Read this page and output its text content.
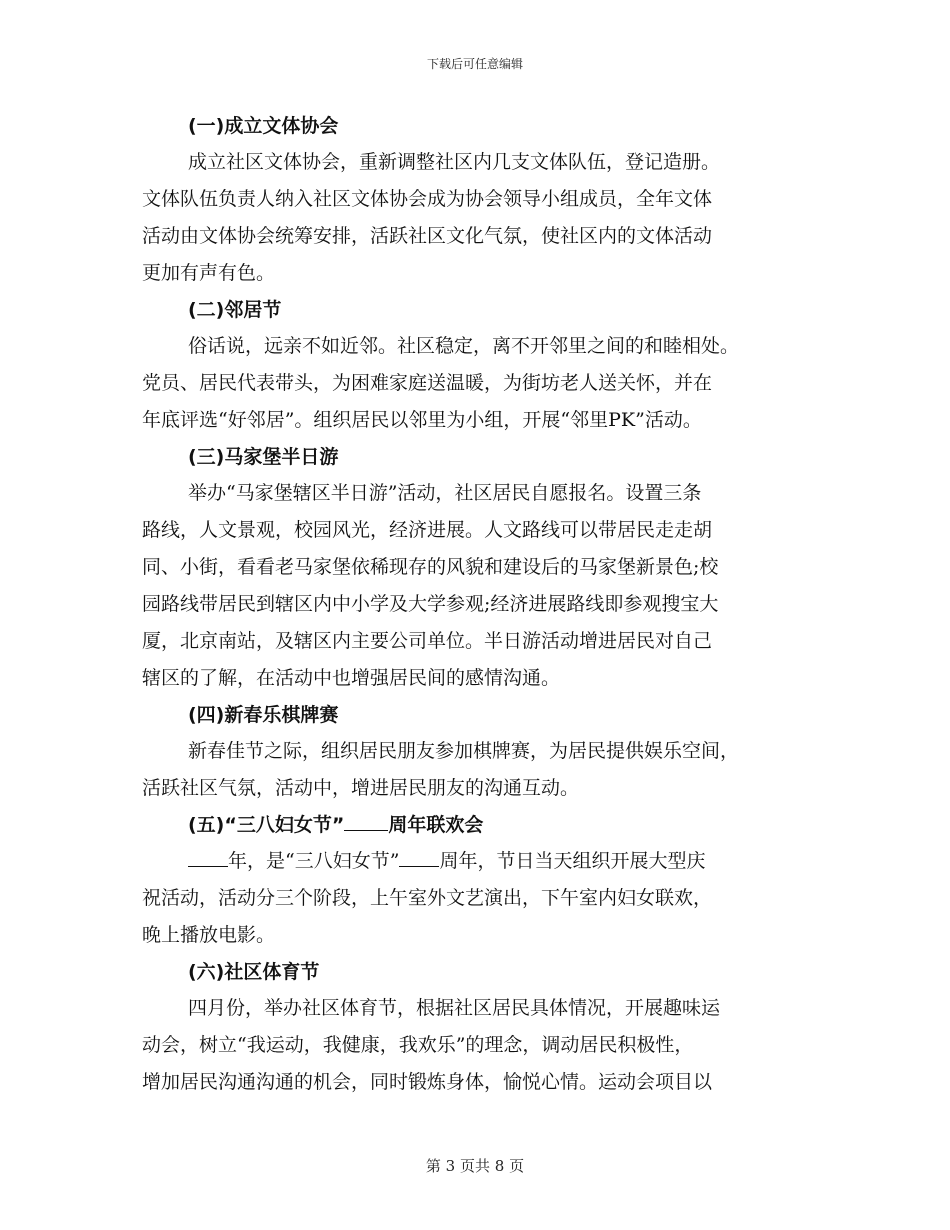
下载后可任意编辑
(一)成立文体协会
成立社区文体协会，重新调整社区内几支文体队伍，登记造册。
文体队伍负责人纳入社区文体协会成为协会领导小组成员，全年文体
活动由文体协会统筹安排，活跃社区文化气氛，使社区内的文体活动
更加有声有色。
(二)邻居节
俗话说，远亲不如近邻。社区稳定，离不开邻里之间的和睦相处。
党员、居民代表带头，为困难家庭送温暖，为街坊老人送关怀，并在
年底评选“好邻居”。组织居民以邻里为小组，开展“邻里PK”活动。
(三)马家堡半日游
举办“马家堡辖区半日游”活动，社区居民自愿报名。设置三条
路线，人文景观，校园风光，经济进展。人文路线可以带居民走走胡
同、小街，看看老马家堡依稀现存的风貌和建设后的马家堡新景色;校
园路线带居民到辖区内中小学及大学参观;经济进展路线即参观搜宝大
厦，北京南站，及辖区内主要公司单位。半日游活动增进居民对自己
辖区的了解，在活动中也增强居民间的感情沟通。
(四)新春乐棋牌赛
新春佳节之际，组织居民朋友参加棋牌赛，为居民提供娱乐空间，
活跃社区气氛，活动中，增进居民朋友的沟通互动。
(五)“三八妇女节” 周年联欢会
年，是“三八妇女节” 周年，节日当天组织开展大型庆
祝活动，活动分三个阶段，上午室外文艺演出，下午室内妇女联欢，
晚上播放电影。
(六)社区体育节
四月份，举办社区体育节，根据社区居民具体情况，开展趣味运
动会，树立“我运动，我健康，我欢乐”的理念，调动居民积极性，
增加居民沟通沟通的机会，同时锻炼身体，愉悦心情。运动会项目以
第 3 页共 8 页
